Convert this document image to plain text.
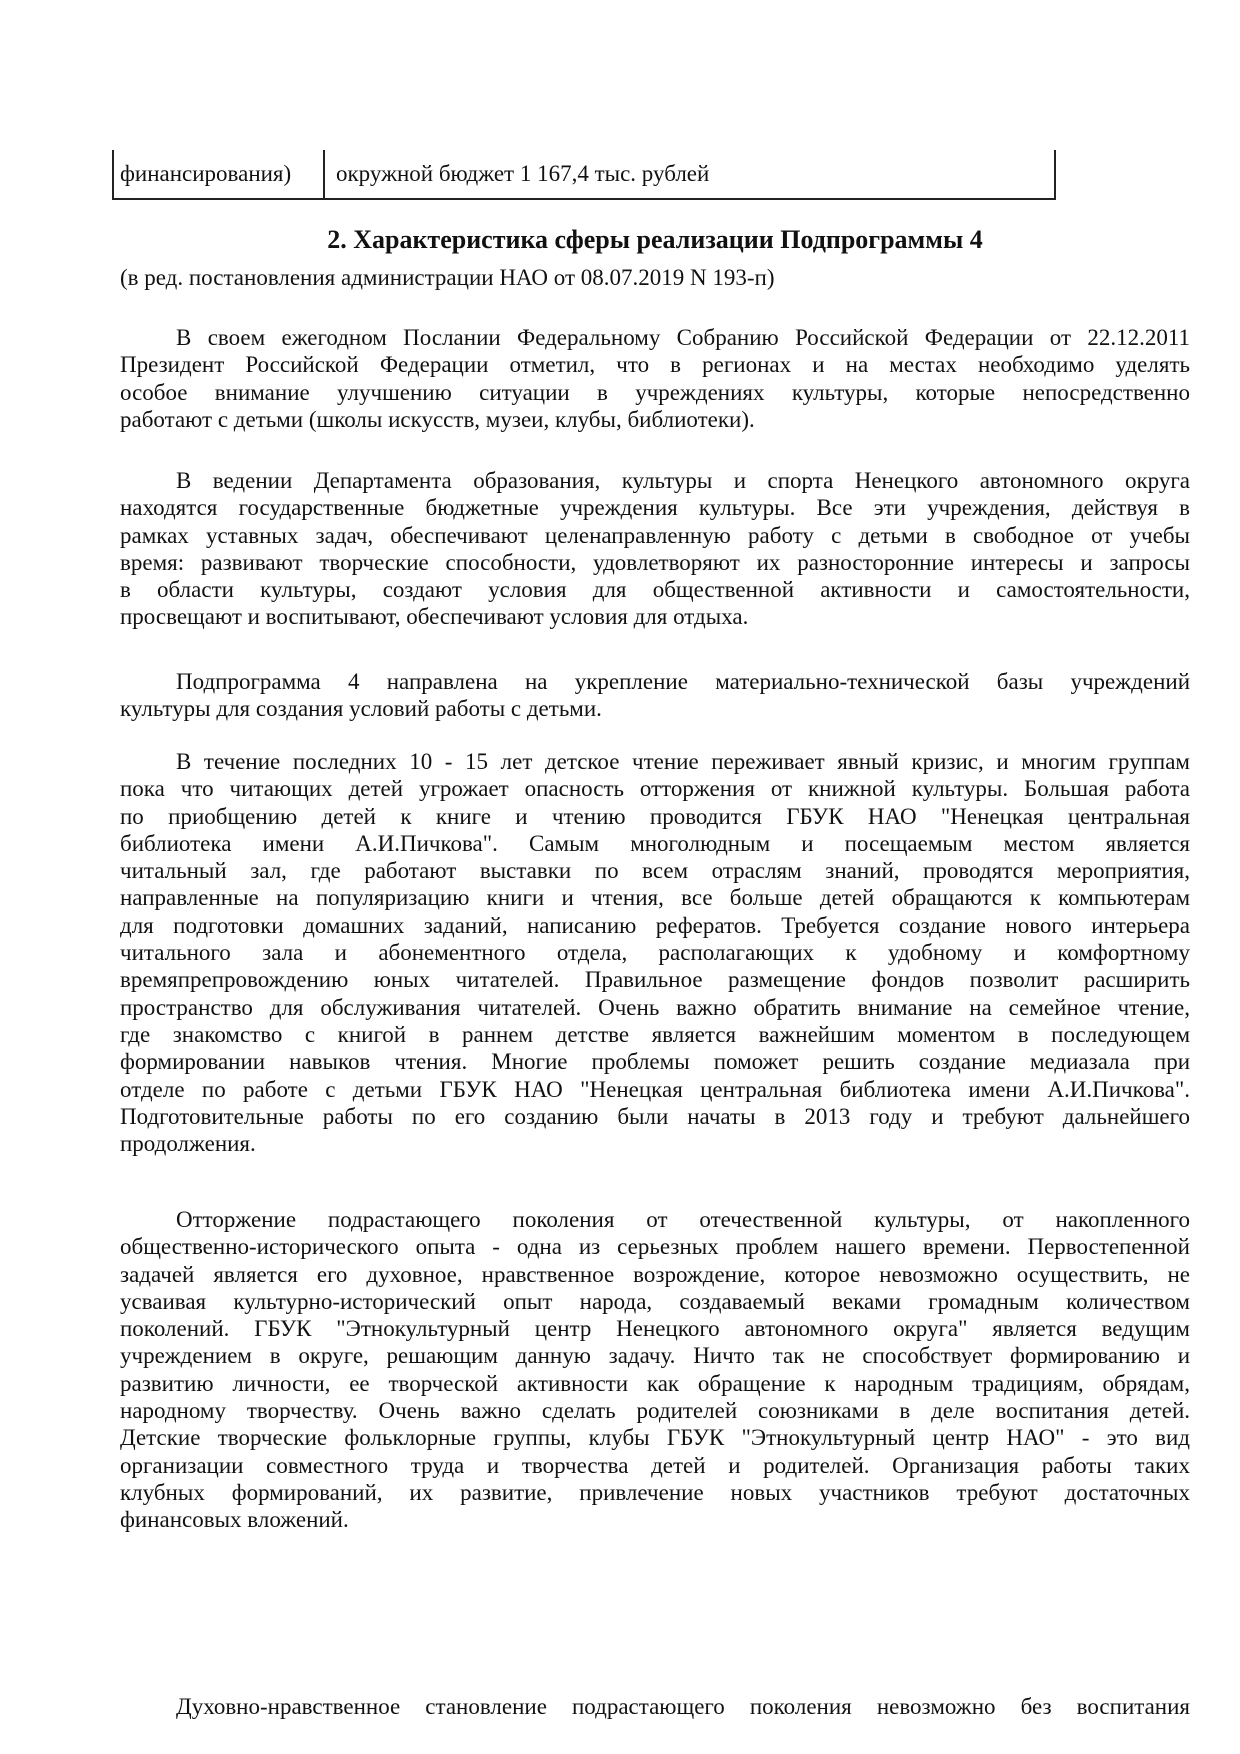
финансирования) окружной бюджет 1 167,4 тыс. рублей
2. Характеристика сферы реализации Подпрограммы 4
(в ред. постановления администрации НАО от 08.07.2019 N 193-п)
В своем ежегодном Послании Федеральному Собранию Российской Федерации от 22.12.2011
Президент Российской Федерации отметил, что в регионах и на местах необходимо уделять
особое внимание улучшению ситуации в учреждениях культуры, которые непосредственно
работают с детьми (школы искусств, музеи, клубы, библиотеки).
В ведении Департамента образования, культуры и спорта Ненецкого автономного округа
находятся государственные бюджетные учреждения культуры. Все эти учреждения, действуя в
рамках уставных задач, обеспечивают целенаправленную работу с детьми в свободное от учебы
время: развивают творческие способности, удовлетворяют их разносторонние интересы и запросы
в области культуры, создают условия для общественной активности и самостоятельности,
просвещают и воспитывают, обеспечивают условия для отдыха.
Подпрограмма 4 направлена на укрепление материально-технической базы учреждений
культуры для создания условий работы с детьми.
В течение последних 10 - 15 лет детское чтение переживает явный кризис, и многим группам
пока что читающих детей угрожает опасность отторжения от книжной культуры. Большая работа
по приобщению детей к книге и чтению проводится ГБУК НАО "Ненецкая центральная
библиотека имени А.И.Пичкова". Самым многолюдным и посещаемым местом является
читальный зал, где работают выставки по всем отраслям знаний, проводятся мероприятия,
направленные на популяризацию книги и чтения, все больше детей обращаются к компьютерам
для подготовки домашних заданий, написанию рефератов. Требуется создание нового интерьера
читального зала и абонементного отдела, располагающих к удобному и комфортному
времяпрепровождению юных читателей. Правильное размещение фондов позволит расширить
пространство для обслуживания читателей. Очень важно обратить внимание на семейное чтение,
где знакомство с книгой в раннем детстве является важнейшим моментом в последующем
формировании навыков чтения. Многие проблемы поможет решить создание медиазала при
отделе по работе с детьми ГБУК НАО "Ненецкая центральная библиотека имени А.И.Пичкова".
Подготовительные работы по его созданию были начаты в 2013 году и требуют дальнейшего
продолжения.
Отторжение подрастающего поколения от отечественной культуры, от накопленного
общественно-исторического опыта - одна из серьезных проблем нашего времени. Первостепенной
задачей является его духовное, нравственное возрождение, которое невозможно осуществить, не
усваивая культурно-исторический опыт народа, создаваемый веками громадным количеством
поколений. ГБУК "Этнокультурный центр Ненецкого автономного округа" является ведущим
учреждением в округе, решающим данную задачу. Ничто так не способствует формированию и
развитию личности, ее творческой активности как обращение к народным традициям, обрядам,
народному творчеству. Очень важно сделать родителей союзниками в деле воспитания детей.
Детские творческие фольклорные группы, клубы ГБУК "Этнокультурный центр НАО" - это вид
организации совместного труда и творчества детей и родителей. Организация работы таких
клубных формирований, их развитие, привлечение новых участников требуют достаточных
финансовых вложений.
Духовно-нравственное становление подрастающего поколения невозможно без воспитания
